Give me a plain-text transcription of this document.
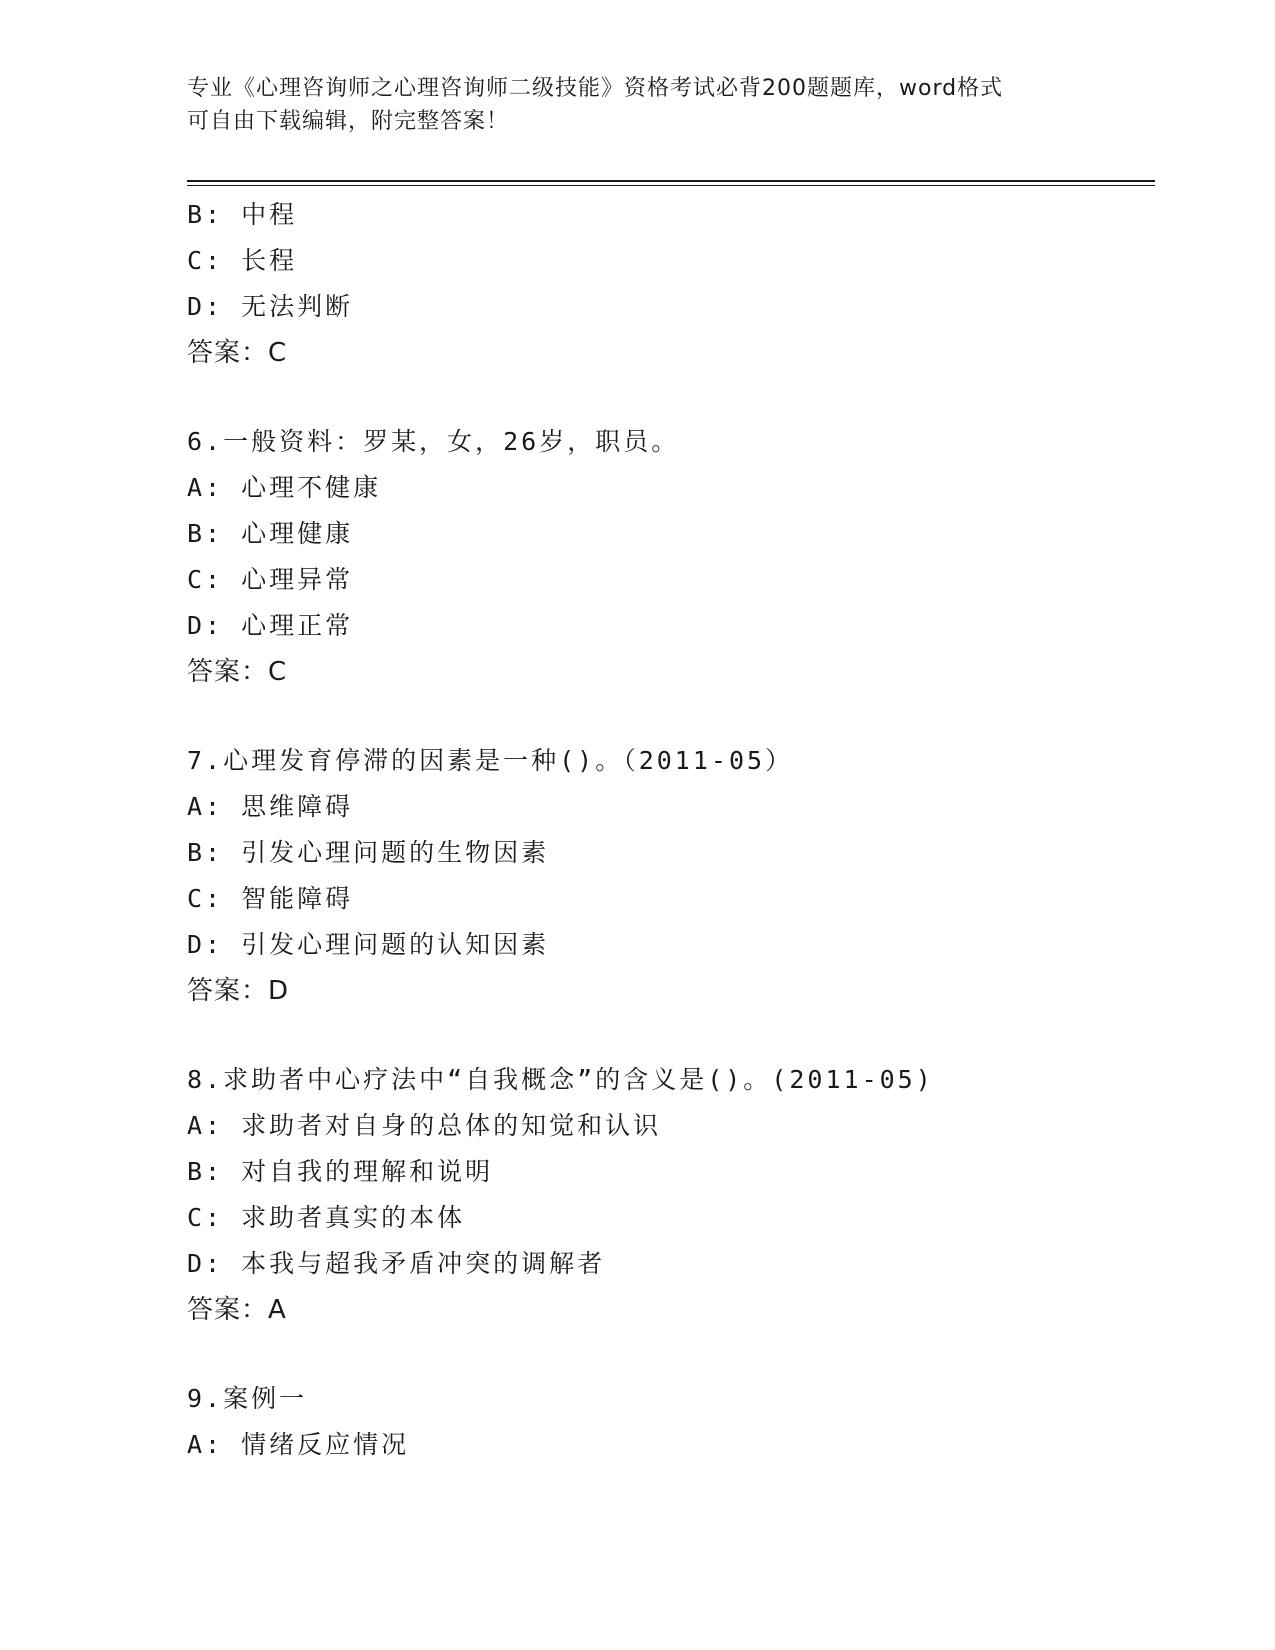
专业《心理咨询师之心理咨询师二级技能》资格考试必背200题题库，word格式
可自由下载编辑，附完整答案！
B: 中程
C: 长程
D: 无法判断
答案：C
6.一般资料：罗某，女，26岁，职员。
A: 心理不健康
B: 心理健康
C: 心理异常
D: 心理正常
答案：C
7.心理发育停滞的因素是一种()。（2011-05）
A: 思维障碍
B: 引发心理问题的生物因素
C: 智能障碍
D: 引发心理问题的认知因素
答案：D
8.求助者中心疗法中“自我概念”的含义是()。(2011-05)
A: 求助者对自身的总体的知觉和认识
B: 对自我的理解和说明
C: 求助者真实的本体
D: 本我与超我矛盾冲突的调解者
答案：A
9.案例一
A: 情绪反应情况
